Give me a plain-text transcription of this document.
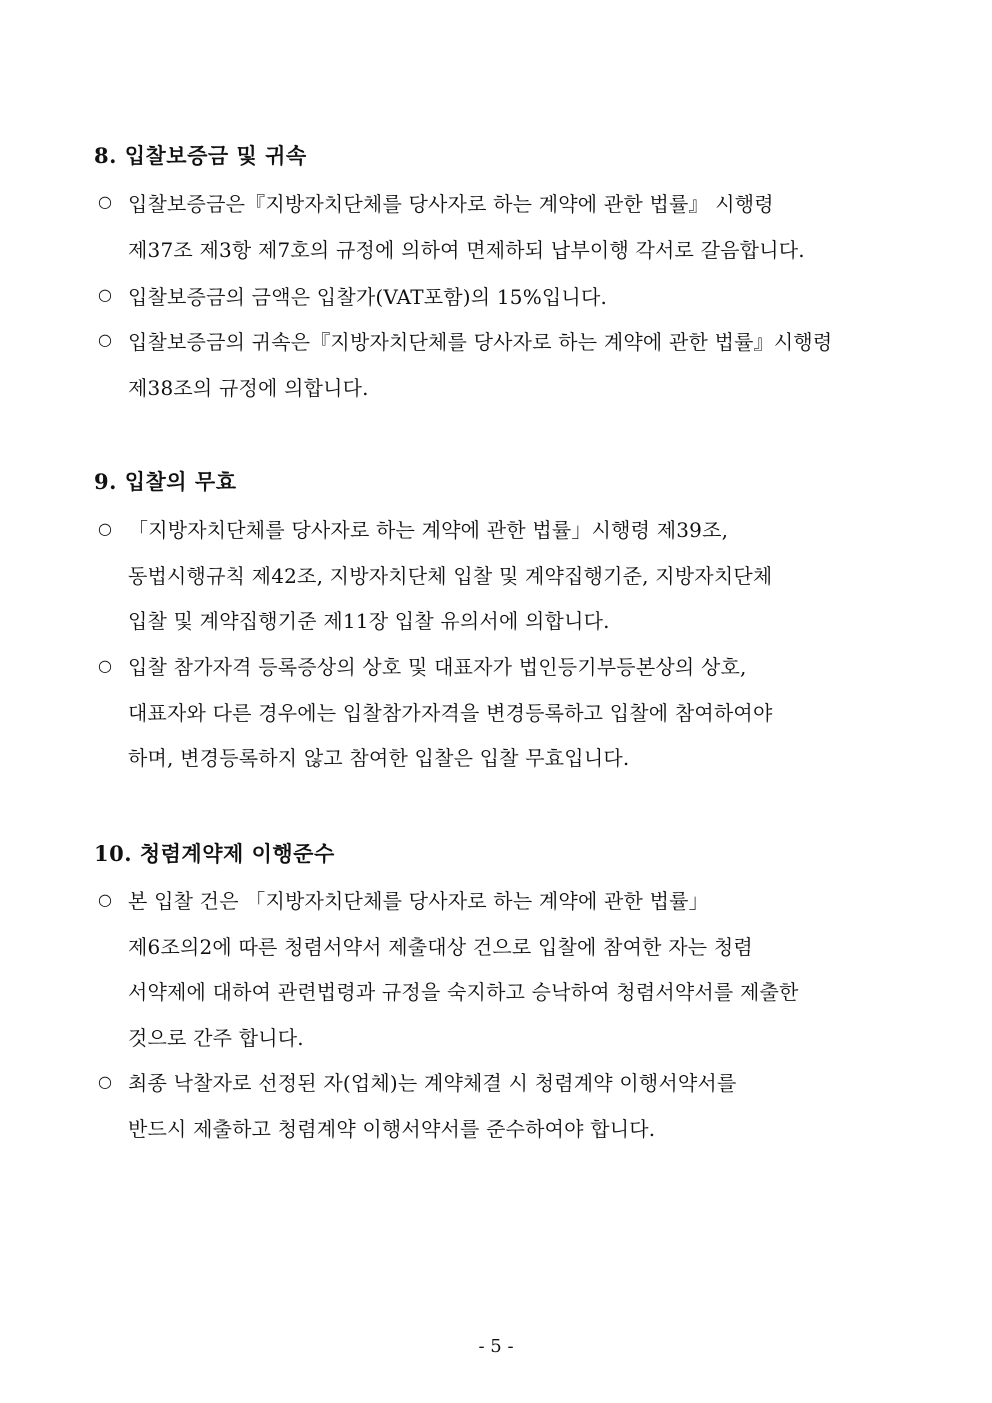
8. 입찰보증금 및 귀속
○ 입찰보증금은『지방자치단체를 당사자로 하는 계약에 관한 법률』 시행령
제37조 제3항 제7호의 규정에 의하여 면제하되 납부이행 각서로 갈음합니다.
○ 입찰보증금의 금액은 입찰가(VAT포함)의 15%입니다.
○ 입찰보증금의 귀속은『지방자치단체를 당사자로 하는 계약에 관한 법률』시행령
제38조의 규정에 의합니다.
9. 입찰의 무효
○ 「지방자치단체를 당사자로 하는 계약에 관한 법률」시행령 제39조,
동법시행규칙 제42조, 지방자치단체 입찰 및 계약집행기준, 지방자치단체
입찰 및 계약집행기준 제11장 입찰 유의서에 의합니다.
○ 입찰 참가자격 등록증상의 상호 및 대표자가 법인등기부등본상의 상호,
대표자와 다른 경우에는 입찰참가자격을 변경등록하고 입찰에 참여하여야
하며, 변경등록하지 않고 참여한 입찰은 입찰 무효입니다.
10. 청렴계약제 이행준수
○ 본 입찰 건은 「지방자치단체를 당사자로 하는 계약에 관한 법률」
제6조의2에 따른 청렴서약서 제출대상 건으로 입찰에 참여한 자는 청렴
서약제에 대하여 관련법령과 규정을 숙지하고 승낙하여 청렴서약서를 제출한
것으로 간주 합니다.
○ 최종 낙찰자로 선정된 자(업체)는 계약체결 시 청렴계약 이행서약서를
반드시 제출하고 청렴계약 이행서약서를 준수하여야 합니다.
- 5 -
